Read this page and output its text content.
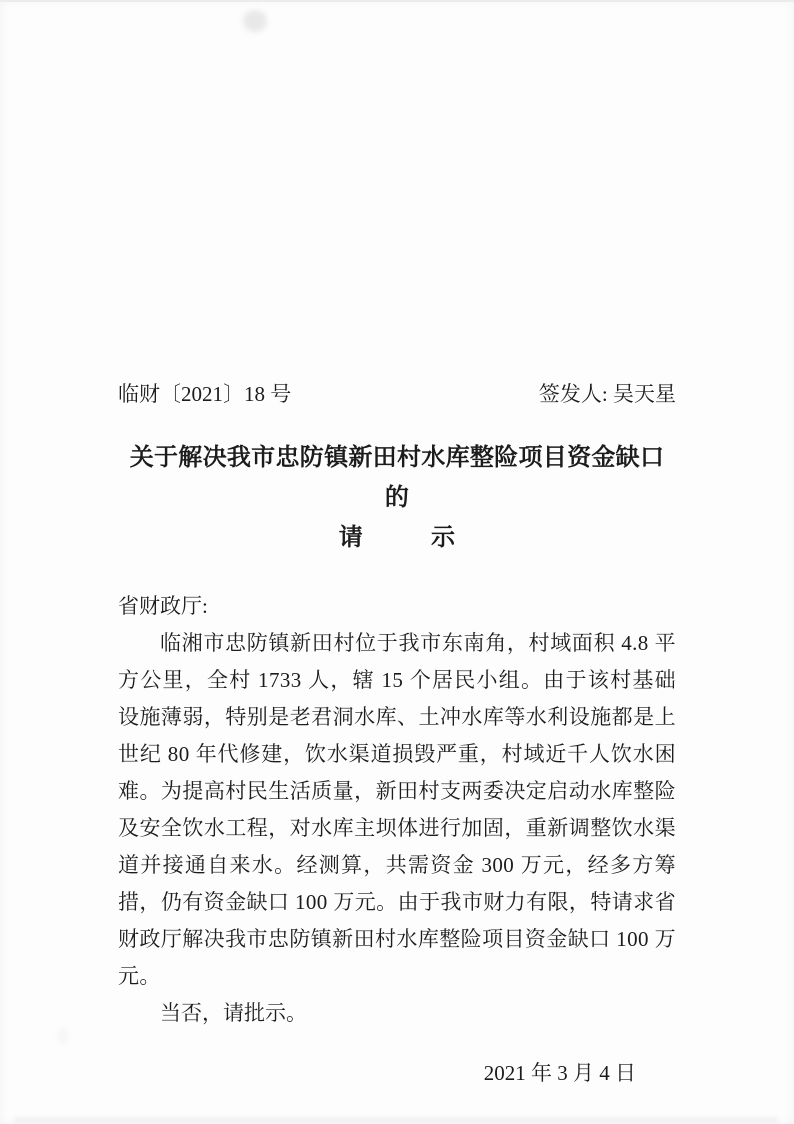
临财〔2021〕18 号	签发人: 吴天星
关于解决我市忠防镇新田村水库整险项目资金缺口的
请	示

省财政厅:

临湘市忠防镇新田村位于我市东南角，村域面积 4.8 平方公里，全村 1733 人，辖 15 个居民小组。由于该村基础设施薄弱，特别是老君洞水库、土冲水库等水利设施都是上世纪 80 年代修建，饮水渠道损毁严重，村域近千人饮水困难。为提高村民生活质量，新田村支两委决定启动水库整险及安全饮水工程，对水库主坝体进行加固，重新调整饮水渠道并接通自来水。经测算，共需资金 300 万元，经多方筹措，仍有资金缺口 100 万元。由于我市财力有限，特请求省财政厅解决我市忠防镇新田村水库整险项目资金缺口 100 万元。

当否，请批示。

2021 年 3 月 4 日
